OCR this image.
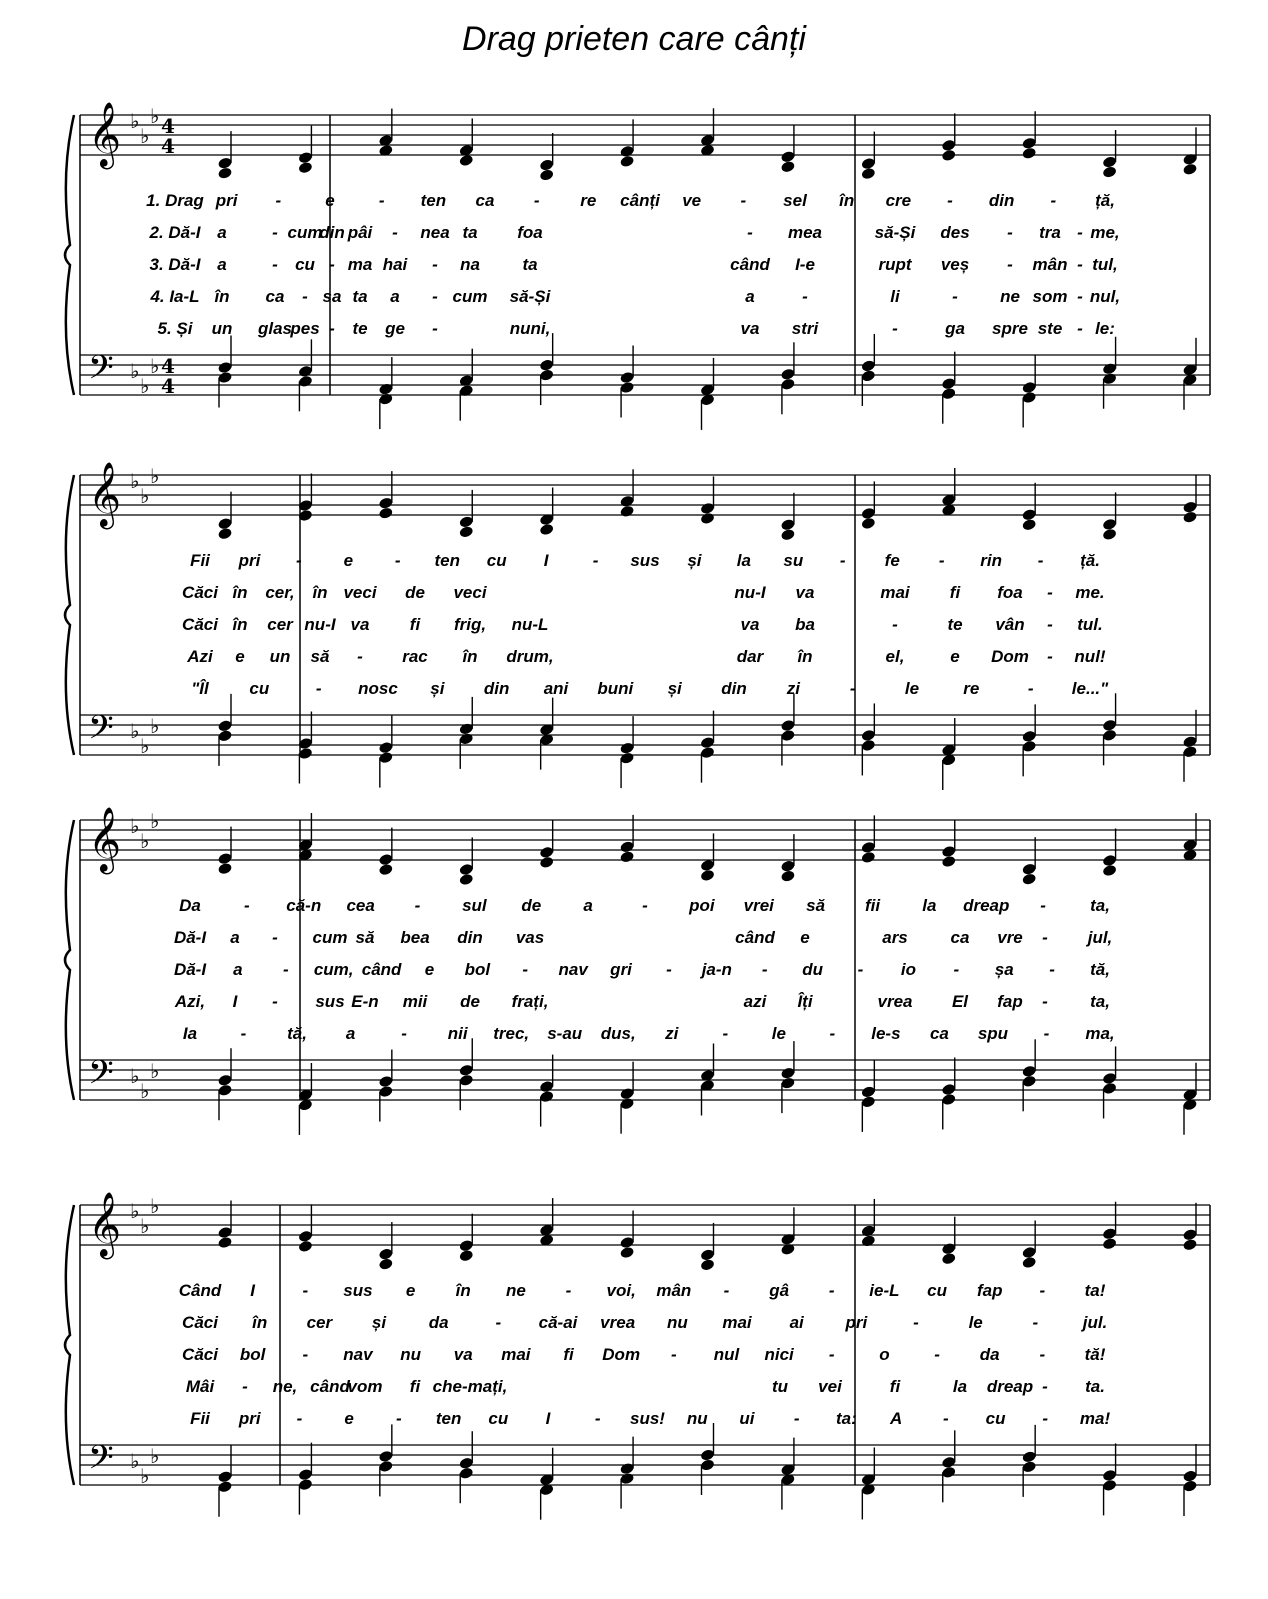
Drag prieten care cânți
𝄞 ♭
♭
♭ 4
4
𝄢 ♭
♭
♭ 4
4
1. Drag pri -	e	- ten ca - re cânți ve - sel în cre - din - ță,
2. Dă-I a	- cum
din pâi - nea ta foa	- mea	să-Și des - tra - me,
3. Dă-I a	- cu - ma hai - na	ta	când I-e	rupt veș - mân - tul,
4. Ia-L în ca - sa ta a - cum să-Și	a	-	li	- ne som - nul,
5. Și un glas
pes - te ge -	nuni,	va stri	-	ga spre ste - le:
𝄞 ♭
♭
♭
𝄢 ♭
♭
♭
Fii pri - e - ten cu I	- sus și la su - fe - rin - ță.
Căci în cer, în veci de veci	nu-I va	mai fi foa - me.
Căci în cer nu-I va fi frig, nu-L	va ba	-	te vân - tul.
Azi e un să - rac în drum,	dar în	el,	e Dom - nul!
"Îl cu	- nosc și din ani buni și din zi	-	le	re	- le..."
𝄞 ♭
♭
♭
𝄢 ♭
♭
♭
Da	- că-n cea - sul de a	- poi vrei să fii la dreap -	ta,
Dă-I a - cum să bea din vas	când e	ars	ca vre - jul,
Dă-I a - cum, când e bol - nav gri - ja-n - du - io - șa - tă,
Azi, I - sus E-n mii de frați,	azi Îți	vrea El fap - ta,
Ia	- tă, a	- nii trec, s-au dus, zi	-	le	- le-s ca spu - ma,
𝄞 ♭
♭
♭
𝄢 ♭
♭
♭
Când I	- sus e în ne - voi, mân - gâ - ie-L cu fap - ta!
Căci în cer și	da	- că-ai vrea nu mai ai pri	-	le	-	jul.
Căci bol - nav nu va mai fi Dom - nul nici -	o	- da - tă!
Mâi - ne, când
vom fi che-mați,	tu vei	fi	la dreap - ta.
Fii pri - e - ten cu I	- sus! nu ui - ta: A - cu - ma!
